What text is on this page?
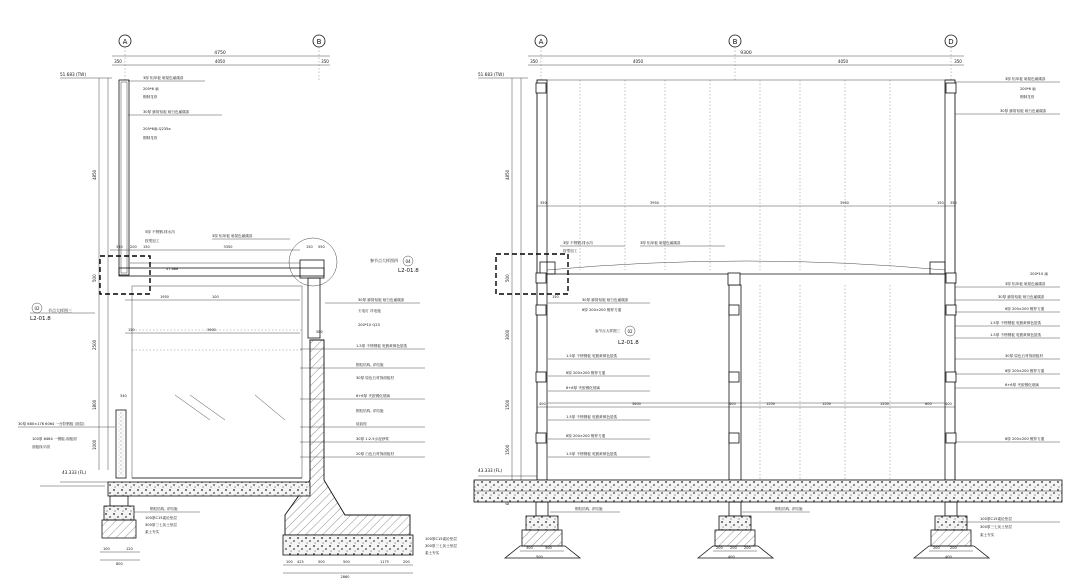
A	B
4750
350	4050	350
51.683 (TW)
4850
500
2500
1800
1000
47.688
43.333 (FL)
30厚 680×176 6064 一台阶钢板 (面层)
100厚 6464 一钢板-面板面
面板抹平面
参节点大样图四 04
L2-01.8
02
L2-01.8
节点大样图三
350 200 150	3350	150 550
1950	100
150	3900
340
580
3厚 铝单板 暗屋色氟碳漆
200*6 扁
钢制龙骨
30厚 蜂窝铝板 暗白色氟碳漆
200*6扁 Q235a
钢制龙骨
5厚 不锈钢-排水沟
按型加工
3厚 铝单板 暗屋色氟碳漆
30厚 蜂窝铝板 暗白色氟碳漆
天电灯 详电施
200*10 Q23
1.5厚 不锈钢板 电镀黄铜色氩弧
钢柱结构, 详结施
30厚 原色石材饰面板材
6+6厚 夹胶钢化玻璃
钢柱结构, 详结施
硅硅栓
30厚 1:2.5水泥砂浆
20厚 白色石材饰面板材
钢柱结构, 详结施
100厚C15素砼垫层
300厚三七灰土垫层
素土夯实
100厚C15素砼垫层
300厚三七灰土垫层
素土夯实
100	120
800	100 425	500	500	1175	200
2860
A	B	D
9300
350	4050	4050	350
51.683 (TW)
4850
500
3000
1500
1500
350	3950	3950	150 350
400	3600	400	1200	1200	1200	600	400
150
3厚 不锈钢-排水沟
按型加工
3厚 铝单板 暗屋色氟碳漆
30厚 蜂窝铝板 暗白色氟碳漆
6厚 200×200 镀锌方通
参节点大样图三 02
L2-01.8
1.5厚 不锈钢板 电镀黄铜色氩弧
6厚 200×200 镀锌方通
6+6厚 夹胶钢化玻璃
1.5厚 不锈钢板 电镀黄铜色氩弧
6厚 200×200 镀锌方通
1.5厚 不锈钢板 电镀黄铜色氩弧
钢柱结构, 详结施	钢柱结构, 详结施
3厚 铝单板 暗屋色氟碳漆
200*6 扁
钢制龙骨
30厚 蜂窝铝板 暗白色氟碳漆
200*10 扁
3厚 铝单板 暗屋色氟碳漆
30厚 蜂窝铝板 暗白色氟碳漆
6厚 200×200 镀锌方通
1.5厚 不锈钢板 电镀黄铜色氩弧
1.5厚 不锈钢板 电镀黄铜色氩弧
30厚 原色石材饰面板材
6厚 200×200 镀锌方通
6+6厚 夹胶钢化玻璃
6厚 200×200 镀锌方通
43.333 (FL)
100厚C15素砼垫层
300厚三七灰土垫层
素土夯实
300	300
500
200 200 200
400
200	200
400
